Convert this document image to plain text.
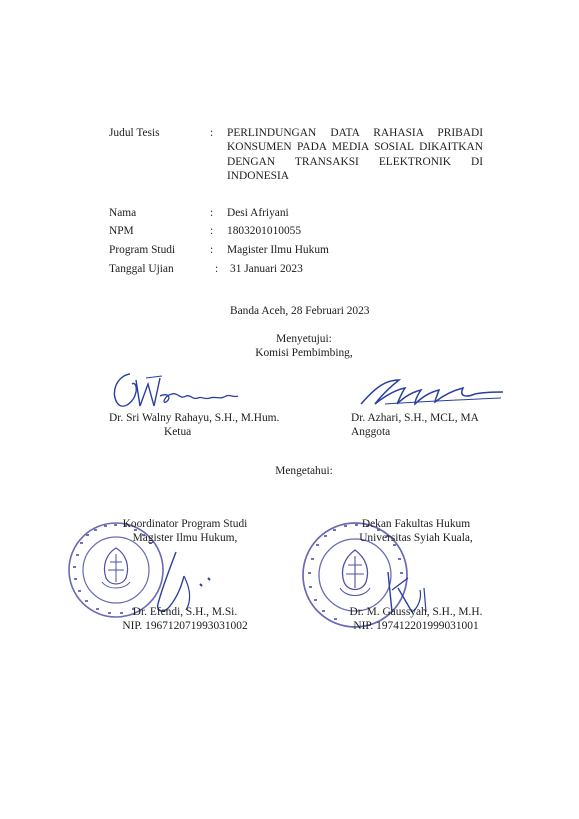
Judul Tesis	: PERLINDUNGAN DATA RAHASIA PRIBADI
KONSUMEN PADA MEDIA SOSIAL DIKAITKAN
DENGAN TRANSAKSI ELEKTRONIK DI
INDONESIA
Nama	: Desi Afriyani
NPM	: 1803201010055
Program Studi	: Magister Ilmu Hukum
Tanggal Ujian	: 31 Januari 2023
Banda Aceh, 28 Februari 2023
Menyetujui:
Komisi Pembimbing,
Dr. Sri Walny Rahayu, S.H., M.Hum.
Ketua
Dr. Azhari, S.H., MCL, MA
Anggota
Mengetahui:
Koordinator Program Studi
Magister Ilmu Hukum,
Dr. Efendi, S.H., M.Si.
NIP. 196712071993031002
Dekan Fakultas Hukum
Universitas Syiah Kuala,
Dr. M. Gaussyah, S.H., M.H.
NIP. 197412201999031001
